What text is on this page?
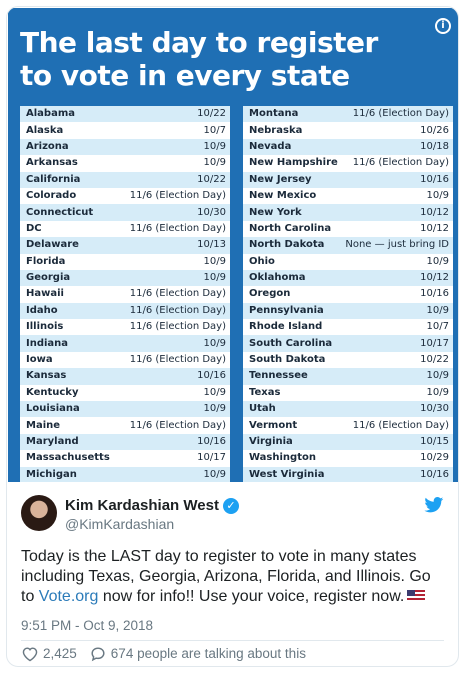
i
The last day to register
to vote in every state
Alabama	10/22
Alaska	10/7
Arizona	10/9
Arkansas	10/9
California	10/22
Colorado	11/6 (Election Day)
Connecticut	10/30
DC	11/6 (Election Day)
Delaware	10/13
Florida	10/9
Georgia	10/9
Hawaii	11/6 (Election Day)
Idaho	11/6 (Election Day)
Illinois	11/6 (Election Day)
Indiana	10/9
Iowa	11/6 (Election Day)
Kansas	10/16
Kentucky	10/9
Louisiana	10/9
Maine	11/6 (Election Day)
Maryland	10/16
Massachusetts	10/17
Michigan	10/9
Montana	11/6 (Election Day)
Nebraska	10/26
Nevada	10/18
New Hampshire 11/6 (Election Day)
New Jersey	10/16
New Mexico	10/9
New York	10/12
North Carolina	10/12
North Dakota None — just bring ID
Ohio	10/9
Oklahoma	10/12
Oregon	10/16
Pennsylvania	10/9
Rhode Island	10/7
South Carolina	10/17
South Dakota	10/22
Tennessee	10/9
Texas	10/9
Utah	10/30
Vermont	11/6 (Election Day)
Virginia	10/15
Washington	10/29
West Virginia	10/16
Kim Kardashian West ✓
@KimKardashian
Today is the LAST day to register to vote in many states including Texas, Georgia, Arizona, Florida, and Illinois. Go to Vote.org now for info!! Use your voice, register now.
9:51 PM - Oct 9, 2018
2,425	674 people are talking about this
